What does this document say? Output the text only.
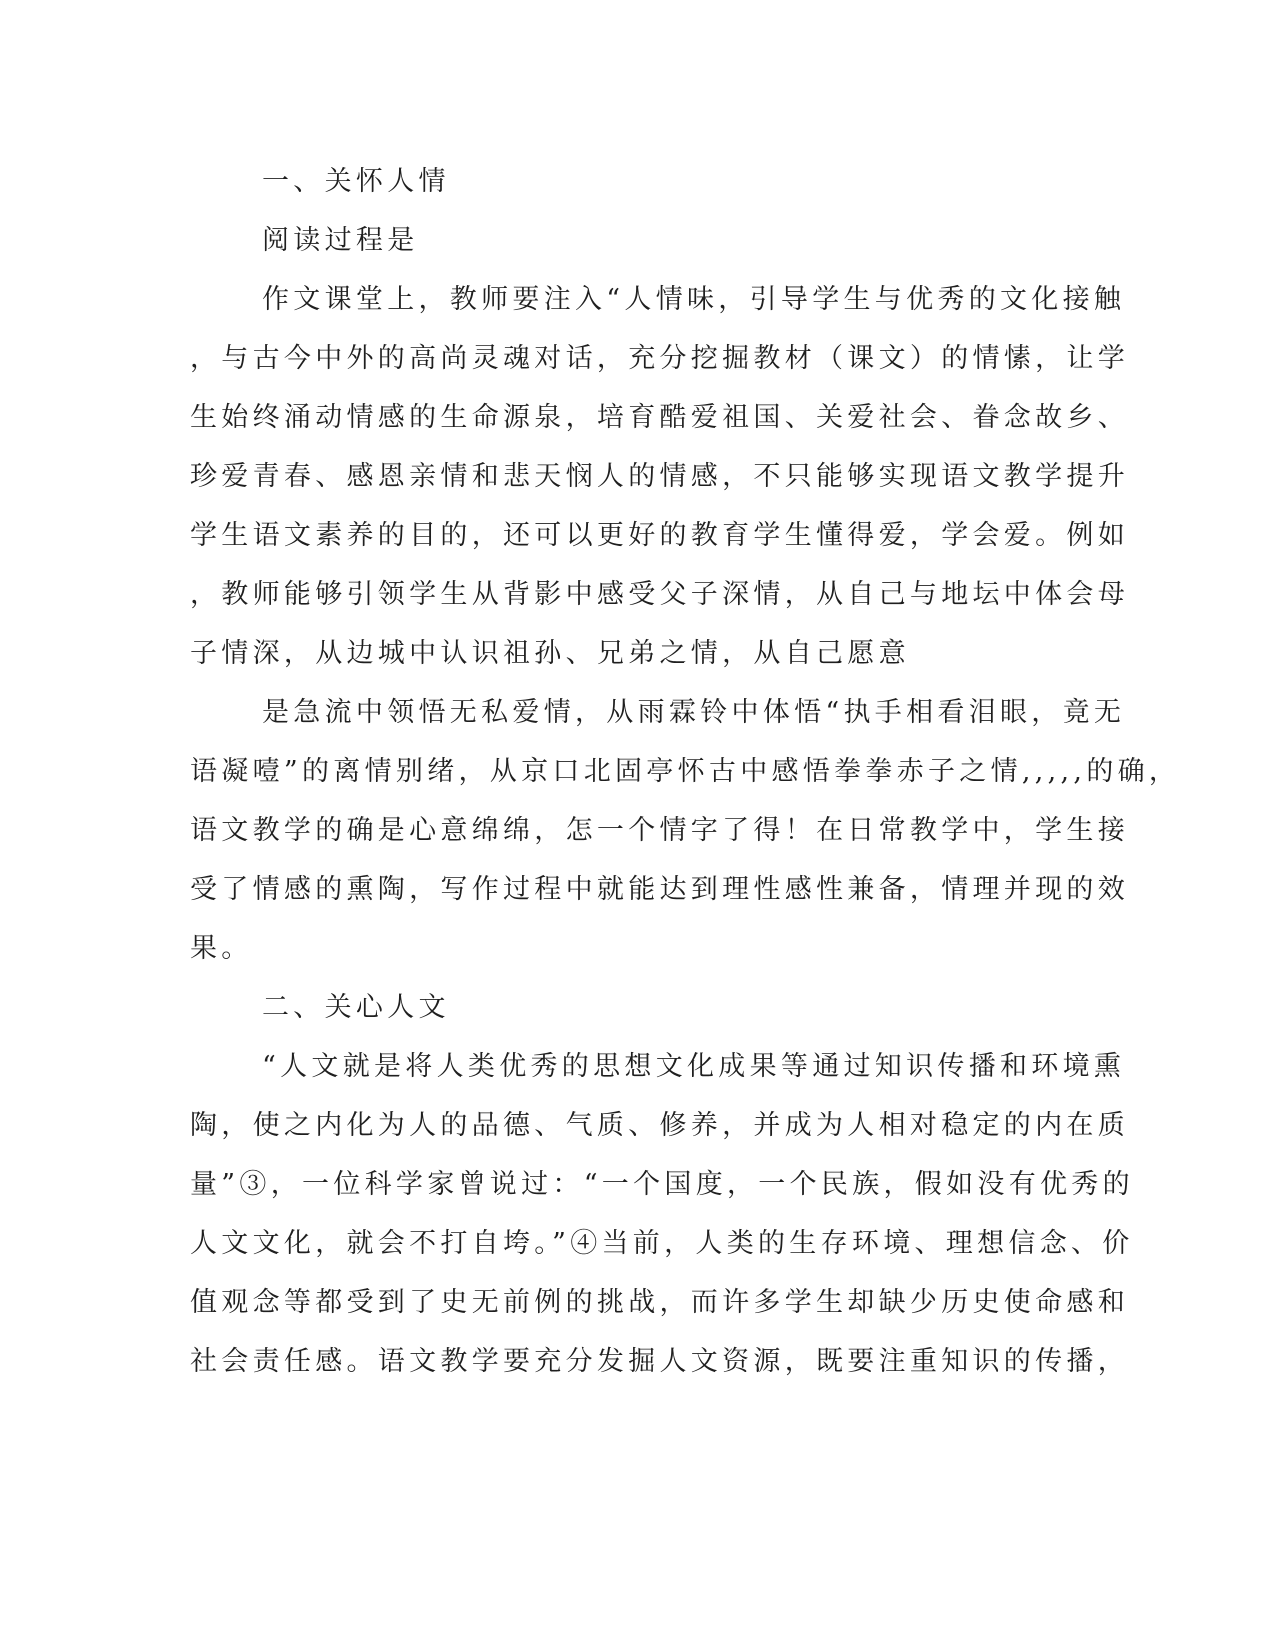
一、关怀人情

阅读过程是

作文课堂上，教师要注入“人情味，引导学生与优秀的文化接触

，与古今中外的高尚灵魂对话，充分挖掘教材（课文）的情愫，让学

生始终涌动情感的生命源泉，培育酷爱祖国、关爱社会、眷念故乡、

珍爱青春、感恩亲情和悲天悯人的情感，不只能够实现语文教学提升

学生语文素养的目的，还可以更好的教育学生懂得爱，学会爱。例如

，教师能够引领学生从背影中感受父子深情，从自己与地坛中体会母

子情深，从边城中认识祖孙、兄弟之情，从自己愿意

是急流中领悟无私爱情，从雨霖铃中体悟“执手相看泪眼，竟无

语凝噎”的离情别绪，从京口北固亭怀古中感悟拳拳赤子之情,,,,,的确，

语文教学的确是心意绵绵，怎一个情字了得！在日常教学中，学生接

受了情感的熏陶，写作过程中就能达到理性感性兼备，情理并现的效

果。

二、关心人文

“人文就是将人类优秀的思想文化成果等通过知识传播和环境熏

陶，使之内化为人的品德、气质、修养，并成为人相对稳定的内在质

量”③，一位科学家曾说过：“一个国度，一个民族，假如没有优秀的

人文文化，就会不打自垮。”④当前，人类的生存环境、理想信念、价

值观念等都受到了史无前例的挑战，而许多学生却缺少历史使命感和

社会责任感。语文教学要充分发掘人文资源，既要注重知识的传播，
